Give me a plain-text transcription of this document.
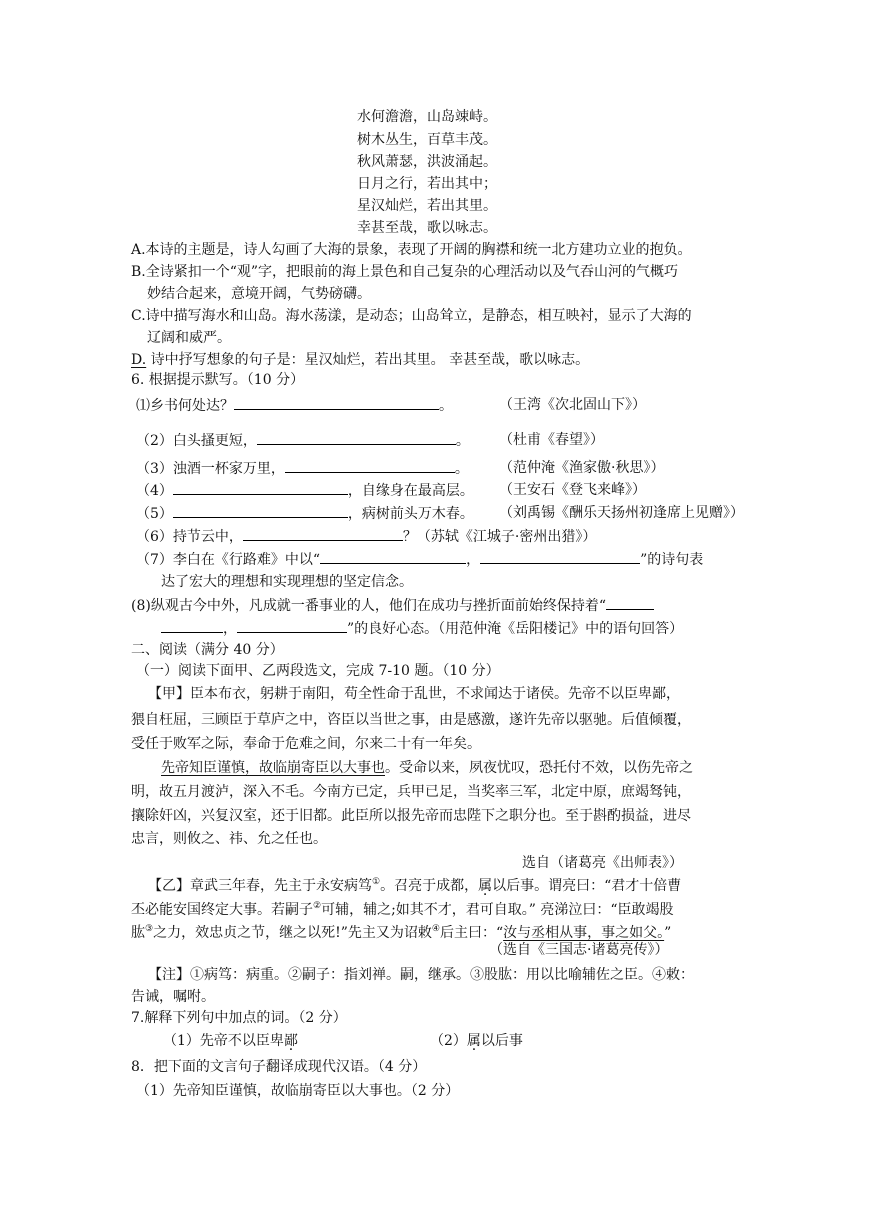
水何澹澹，山岛竦峙。
树木丛生，百草丰茂。
秋风萧瑟，洪波涌起。
日月之行，若出其中；
星汉灿烂，若出其里。
幸甚至哉，歌以咏志。
A.本诗的主题是，诗人勾画了大海的景象，表现了开阔的胸襟和统一北方建功立业的抱负。
B.全诗紧扣一个“观”字，把眼前的海上景色和自己复杂的心理活动以及气吞山河的气概巧
妙结合起来，意境开阔，气势磅礴。
C.诗中描写海水和山岛。海水荡漾，是动态；山岛耸立，是静态，相互映衬，显示了大海的
辽阔和威严。
D. 诗中抒写想象的句子是：星汉灿烂，若出其里。 幸甚至哉，歌以咏志。
6. 根据提示默写。（10 分）
⑴乡书何处达？	。	（王湾《次北固山下》）
（2）白头搔更短，	。 （杜甫《春望》）
（3）浊酒一杯家万里，	。 （范仲淹《渔家傲·秋思》）
（4）	，自缘身在最高层。 （王安石《登飞来峰》）
（5）	，病树前头万木春。 （刘禹锡《酬乐天扬州初逢席上见赠》）
（6）持节云中，	？（苏轼《江城子·密州出猎》）
（7）李白在《行路难》中以“	，	”的诗句表
达了宏大的理想和实现理想的坚定信念。
(8)纵观古今中外，凡成就一番事业的人，他们在成功与挫折面前始终保持着“
，	”的良好心态。（用范仲淹《岳阳楼记》中的语句回答）
二、阅读（满分 40 分）
（一）阅读下面甲、乙两段选文，完成 7-10 题。（10 分）
【甲】臣本布衣，躬耕于南阳，苟全性命于乱世，不求闻达于诸侯。先帝不以臣卑鄙，
猥自枉屈，三顾臣于草庐之中，咨臣以当世之事，由是感激，遂许先帝以驱驰。后值倾覆，
受任于败军之际，奉命于危难之间，尔来二十有一年矣。
先帝知臣谨慎，故临崩寄臣以大事也。受命以来，夙夜忧叹，恐托付不效，以伤先帝之
明，故五月渡泸，深入不毛。今南方已定，兵甲已足，当奖率三军，北定中原，庶竭驽钝，
攘除奸凶，兴复汉室，还于旧都。此臣所以报先帝而忠陛下之职分也。至于斟酌损益，进尽
忠言，则攸之、祎、允之任也。
选自（诸葛亮《出师表》）
【乙】章武三年春，先主于永安病笃①。召亮于成都，属以后事。谓亮曰：“君才十倍曹
丕必能安国终定大事。若嗣子②可辅，辅之;如其不才，君可自取。” 亮涕泣曰：“臣敢竭股
肱③之力，效忠贞之节，继之以死!”先主又为诏敕④后主曰：“汝与丞相从事，事之如父。”
（选自《三国志·诸葛亮传》）
【注】①病笃：病重。②嗣子：指刘禅。嗣，继承。③股肱：用以比喻辅佐之臣。④敕：
告诫，嘱咐。
7.解释下列句中加点的词。（2 分）
（1）先帝不以臣卑鄙	（2）属以后事
8．把下面的文言句子翻译成现代汉语。（4 分）
（1）先帝知臣谨慎，故临崩寄臣以大事也。（2 分）
